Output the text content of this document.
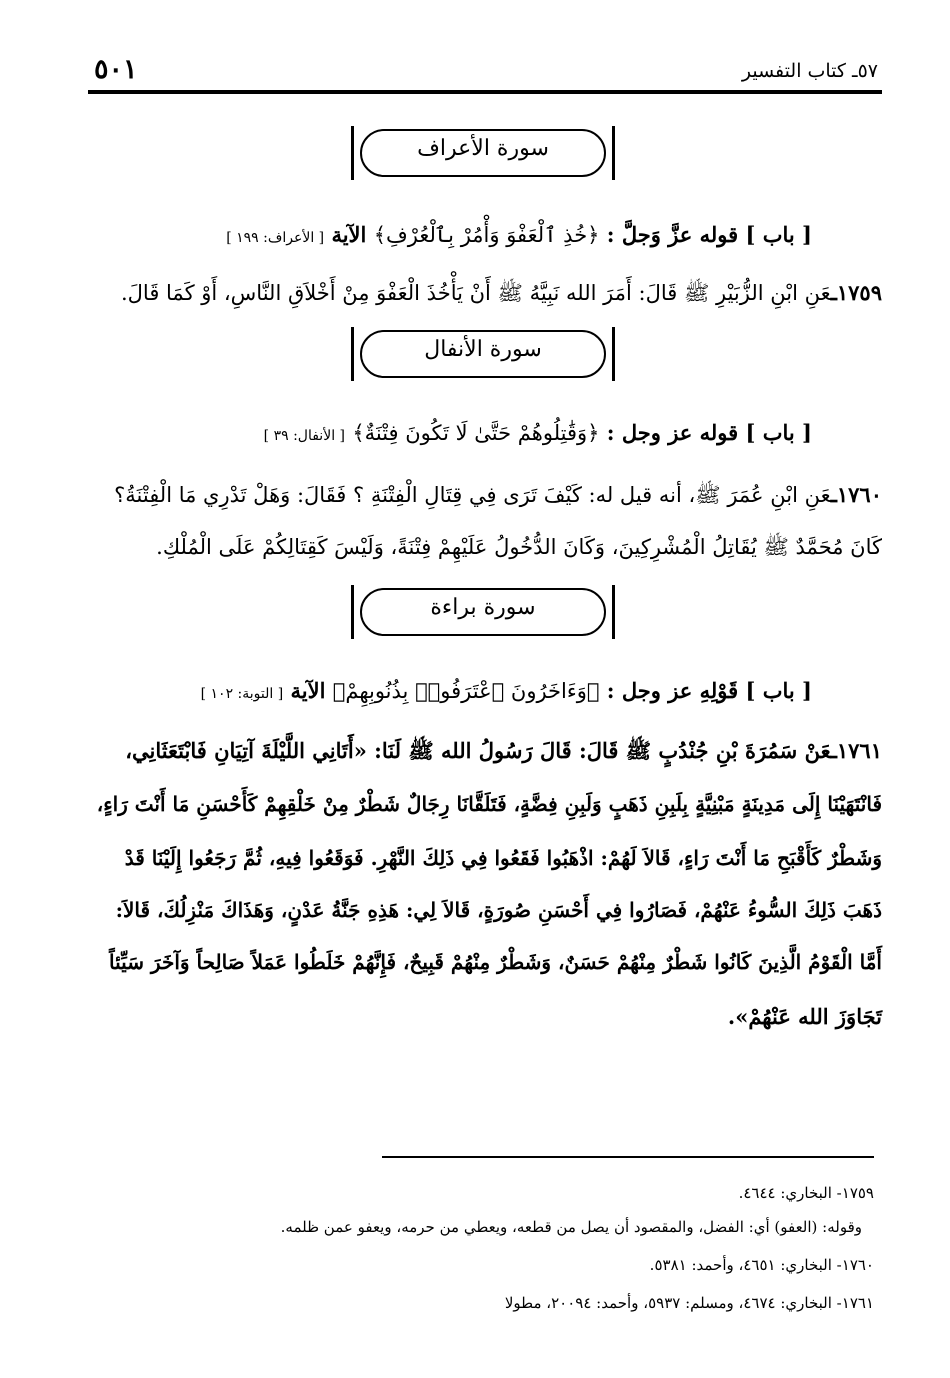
٥٠١	٥٧ـ كتاب التفسير
سورة الأعراف
[ باب ] قوله عزَّ وَجلَّ : ﴿خُذِ ٱلْعَفْوَ وَأْمُرْ بِٱلْعُرْفِ﴾ الآية [ الأعراف: ١٩٩ ]
١٧٥٩ـعَنِ ابْنِ الزُّبَيْرِ ﷺ قَالَ: أَمَرَ الله نَبِيَّهُ ﷺ أَنْ يَأْخُذَ الْعَفْوَ مِنْ أَخْلاَقِ النَّاسِ، أَوْ كَمَا قَالَ.
سورة الأنفال
[ باب ] قوله عز وجل : ﴿وَقَٰتِلُوهُمْ حَتَّىٰ لَا تَكُونَ فِتْنَةٌ﴾ [ الأنفال: ٣٩ ]
١٧٦٠ـعَنِ ابْنِ عُمَرَ ﷺ، أنه قيل له: كَيْفَ تَرَى فِي قِتَالِ الْفِتْنَةِ ؟ فَقَالَ: وَهَلْ تَدْرِي مَا الْفِتْنَةُ؟
كَانَ مُحَمَّدٌ ﷺ يُقَاتِلُ الْمُشْرِكِينَ، وَكَانَ الدُّخُولُ عَلَيْهِمْ فِتْنَةً، وَلَيْسَ كَقِتَالِكُمْ عَلَى الْمُلْكِ.
سورة براءة
[ باب ] قَوْلِهِ عز وجل : ﴿وَءَاخَرُونَ ٱعْتَرَفُوا۟ بِذُنُوبِهِمْ﴾ الآية [ التوبة: ١٠٢ ]
١٧٦١ـعَنْ سَمُرَةَ بْنِ جُنْدُبٍ ﷺ قَالَ: قَالَ رَسُولُ الله ﷺ لَنَا: «أَتَانِي اللَّيْلَةَ آتِيَانِ فَابْتَعَثَانِي،
فَانْتَهَيْنَا إِلَى مَدِينَةٍ مَبْنِيَّةٍ بِلَبِنِ ذَهَبٍ وَلَبِنِ فِضَّةٍ، فَتَلَقَّانَا رِجَالٌ شَطْرٌ مِنْ خَلْقِهِمْ كَأَحْسَنِ مَا أَنْتَ رَاءٍ،
وَشَطْرٌ كَأَقْبَحِ مَا أَنْتَ رَاءٍ، قَالاَ لَهُمْ: اذْهَبُوا فَقَعُوا فِي ذَلِكَ النَّهْرِ. فَوَقَعُوا فِيهِ، ثُمَّ رَجَعُوا إِلَيْنَا قَدْ
ذَهَبَ ذَلِكَ السُّوءُ عَنْهُمْ، فَصَارُوا فِي أَحْسَنِ صُورَةٍ، قَالاَ لِي: هَذِهِ جَنَّةُ عَدْنٍ، وَهَذَاكَ مَنْزِلُكَ، قَالاَ:
أَمَّا الْقَوْمُ الَّذِينَ كَانُوا شَطْرٌ مِنْهُمْ حَسَنٌ، وَشَطْرٌ مِنْهُمْ قَبِيحٌ، فَإِنَّهُمْ خَلَطُوا عَمَلاً صَالِحاً وَآخَرَ سَيِّئاً
تَجَاوَزَ الله عَنْهُمْ».
١٧٥٩- البخاري: ٤٦٤٤.
وقوله: (العفو) أي: الفضل، والمقصود أن يصل من قطعه، ويعطي من حرمه، ويعفو عمن ظلمه.
١٧٦٠- البخاري: ٤٦٥١، وأحمد: ٥٣٨١.
١٧٦١- البخاري: ٤٦٧٤، ومسلم: ٥٩٣٧، وأحمد: ٢٠٠٩٤، مطولا
